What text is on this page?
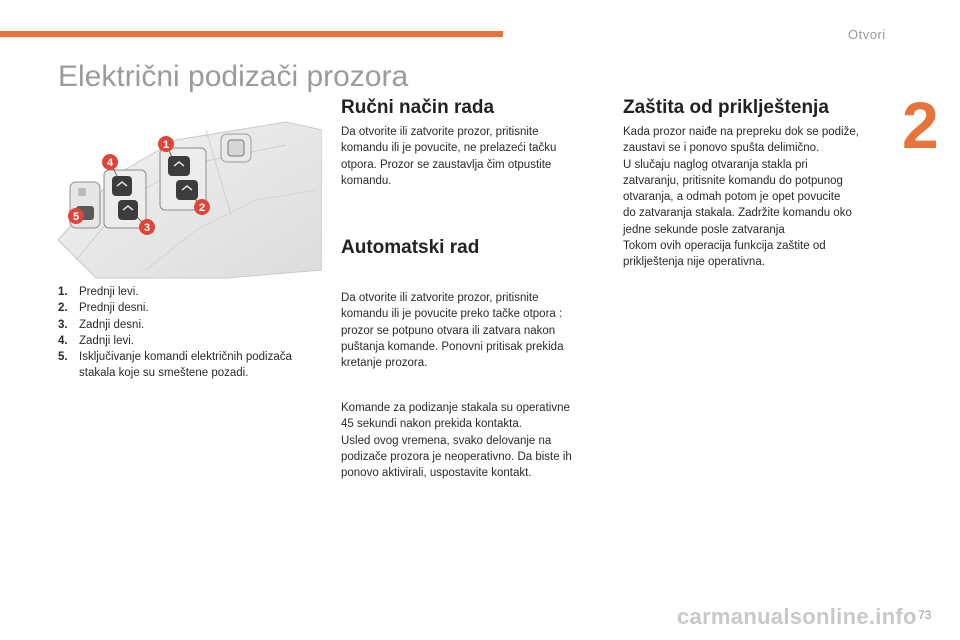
Otvori
2
Električni podizači prozora
1
2
3
4
5
1. Prednji levi.
2. Prednji desni.
3. Zadnji desni.
4. Zadnji levi.
5. Isključivanje komandi električnih podizača stakala koje su smeštene pozadi.
Ručni način rada
Da otvorite ili zatvorite prozor, pritisnite
komandu ili je povucite, ne prelazeći tačku
otpora. Prozor se zaustavlja čim otpustite
komandu.
Automatski rad
Da otvorite ili zatvorite prozor, pritisnite
komandu ili je povucite preko tačke otpora :
prozor se potpuno otvara ili zatvara nakon
puštanja komande. Ponovni pritisak prekida
kretanje prozora.
Komande za podizanje stakala su operativne
45 sekundi nakon prekida kontakta.
Usled ovog vremena, svako delovanje na
podizače prozora je neoperativno. Da biste ih
ponovo aktivirali, uspostavite kontakt.
Zaštita od priklještenja
Kada prozor naiđe na prepreku dok se podiže,
zaustavi se i ponovo spušta delimično.
U slučaju naglog otvaranja stakla pri
zatvaranju, pritisnite komandu do potpunog
otvaranja, a odmah potom je opet povucite
do zatvaranja stakala. Zadržite komandu oko
jedne sekunde posle zatvaranja
Tokom ovih operacija funkcija zaštite od
priklještenja nije operativna.
carmanualsonline.info 73
